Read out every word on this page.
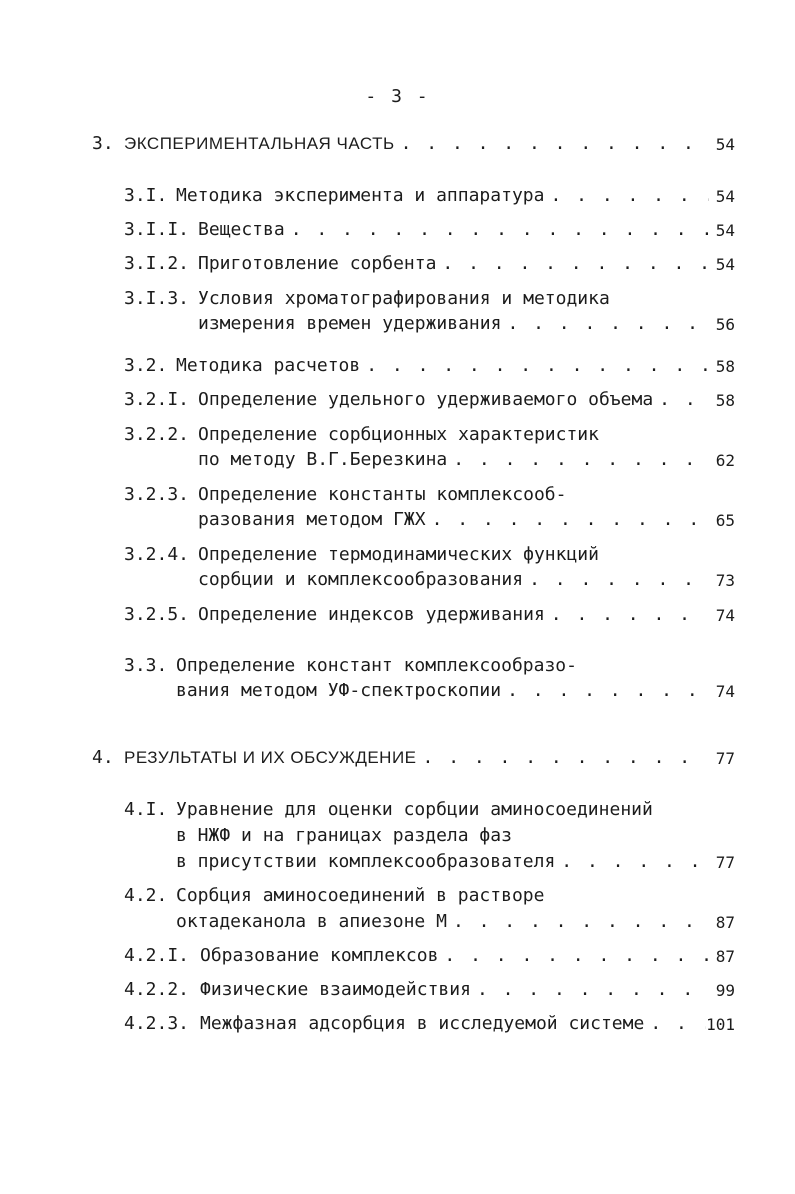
- 3 -
3. ЭКСПЕРИМЕНТАЛЬНАЯ ЧАСТЬ . . .	54
3.I. Методика эксперимента и аппаратура . . .	54
3.I.I. Вещества . . .	54
3.I.2. Приготовление сорбента . . .	54
3.I.3. Условия хроматографирования и методика
измерения времен удерживания . . .	56
3.2. Методика расчетов . . .	58
3.2.I. Определение удельного удерживаемого объема . . .	58
3.2.2. Определение сорбционных характеристик
по методу В.Г.Березкина . . .	62
3.2.3. Определение константы комплексооб-
разования методом ГЖХ . . .	65
3.2.4. Определение термодинамических функций
сорбции и комплексообразования . . .	73
3.2.5. Определение индексов удерживания . . .	74
3.3. Определение констант комплексообразо-
вания методом УФ-спектроскопии . . .	74
4. РЕЗУЛЬТАТЫ И ИХ ОБСУЖДЕНИЕ . . .	77
4.I. Уравнение для оценки сорбции аминосоединений
в НЖФ и на границах раздела фаз
в присутствии комплексообразователя . . .	77
4.2. Сорбция аминосоединений в растворе
октадеканола в апиезоне М . . .	87
4.2.I. Образование комплексов . . .	87
4.2.2. Физические взаимодействия . . .	99
4.2.3. Межфазная адсорбция в исследуемой системе . . .	101
